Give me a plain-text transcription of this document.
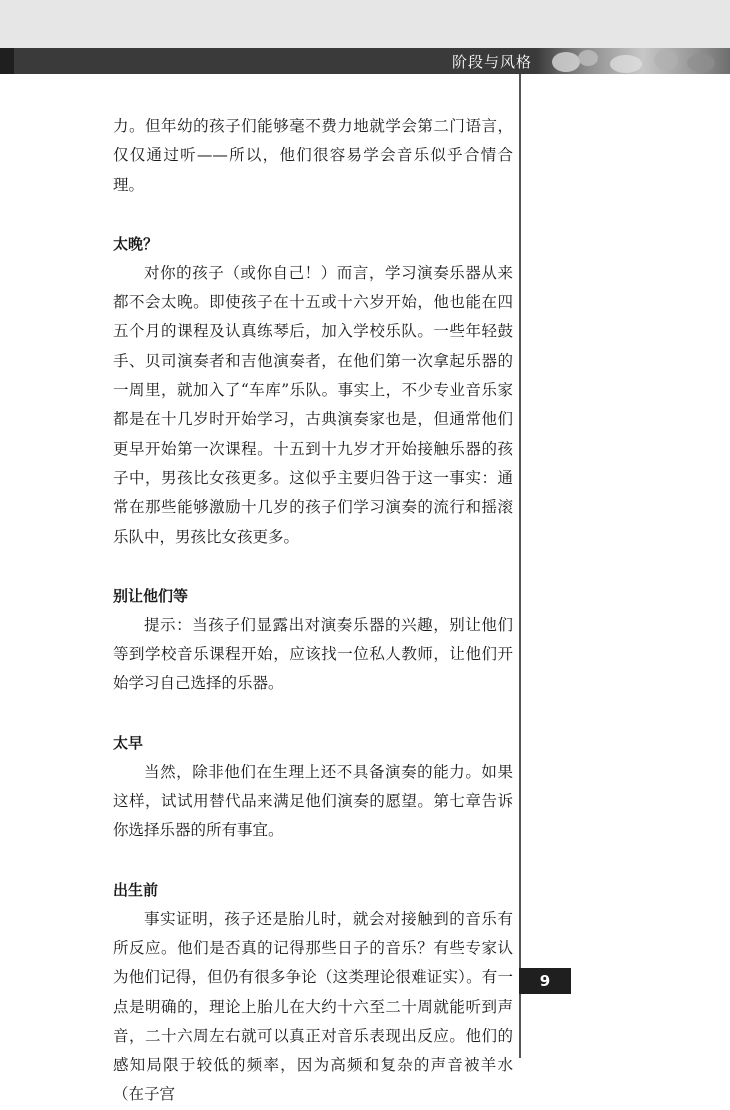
阶段与风格
9

力。但年幼的孩子们能够毫不费力地就学会第二门语言，仅仅通过听——所以，他们很容易学会音乐似乎合情合理。

太晚？

对你的孩子（或你自己！）而言，学习演奏乐器从来都不会太晚。即使孩子在十五或十六岁开始，他也能在四五个月的课程及认真练琴后，加入学校乐队。一些年轻鼓手、贝司演奏者和吉他演奏者，在他们第一次拿起乐器的一周里，就加入了“车库”乐队。事实上，不少专业音乐家都是在十几岁时开始学习，古典演奏家也是，但通常他们更早开始第一次课程。十五到十九岁才开始接触乐器的孩子中，男孩比女孩更多。这似乎主要归咎于这一事实：通常在那些能够激励十几岁的孩子们学习演奏的流行和摇滚乐队中，男孩比女孩更多。

别让他们等

提示：当孩子们显露出对演奏乐器的兴趣，别让他们等到学校音乐课程开始，应该找一位私人教师，让他们开始学习自己选择的乐器。

太早

当然，除非他们在生理上还不具备演奏的能力。如果这样，试试用替代品来满足他们演奏的愿望。第七章告诉你选择乐器的所有事宜。

出生前

事实证明，孩子还是胎儿时，就会对接触到的音乐有所反应。他们是否真的记得那些日子的音乐？有些专家认为他们记得，但仍有很多争论（这类理论很难证实）。有一点是明确的，理论上胎儿在大约十六至二十周就能听到声音，二十六周左右就可以真正对音乐表现出反应。他们的感知局限于较低的频率，因为高频和复杂的声音被羊水（在子宫
